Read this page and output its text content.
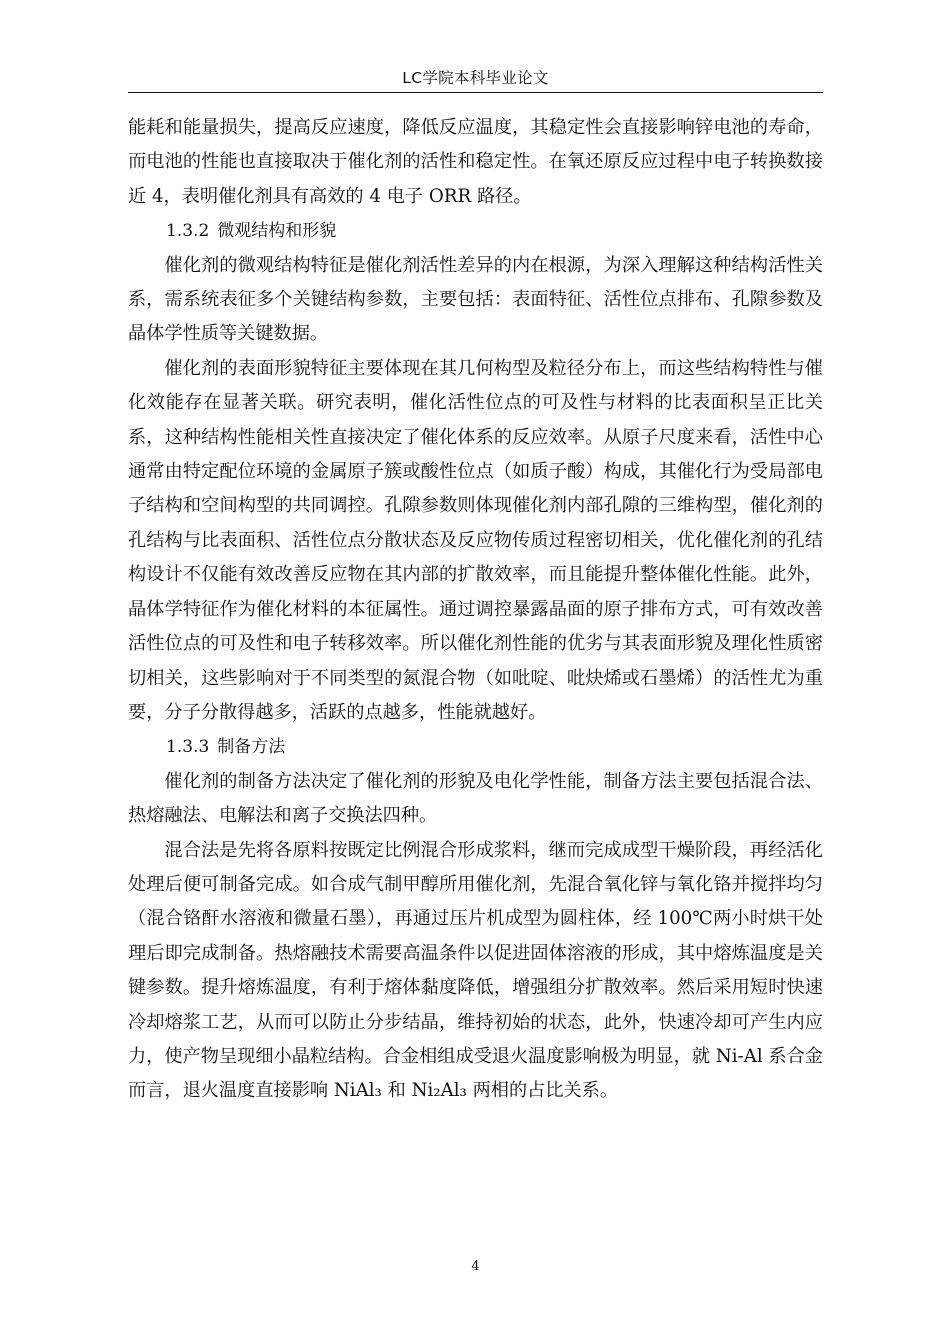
LC学院本科毕业论文

能耗和能量损失，提高反应速度，降低反应温度，其稳定性会直接影响锌电池的寿命，而电池的性能也直接取决于催化剂的活性和稳定性。在氧还原反应过程中电子转换数接近 4，表明催化剂具有高效的 4 电子 ORR 路径。

1.3.2 微观结构和形貌

催化剂的微观结构特征是催化剂活性差异的内在根源，为深入理解这种结构活性关系，需系统表征多个关键结构参数，主要包括：表面特征、活性位点排布、孔隙参数及晶体学性质等关键数据。

催化剂的表面形貌特征主要体现在其几何构型及粒径分布上，而这些结构特性与催化效能存在显著关联。研究表明，催化活性位点的可及性与材料的比表面积呈正比关系，这种结构性能相关性直接决定了催化体系的反应效率。从原子尺度来看，活性中心通常由特定配位环境的金属原子簇或酸性位点（如质子酸）构成，其催化行为受局部电子结构和空间构型的共同调控。孔隙参数则体现催化剂内部孔隙的三维构型，催化剂的孔结构与比表面积、活性位点分散状态及反应物传质过程密切相关，优化催化剂的孔结构设计不仅能有效改善反应物在其内部的扩散效率，而且能提升整体催化性能。此外，晶体学特征作为催化材料的本征属性。通过调控暴露晶面的原子排布方式，可有效改善活性位点的可及性和电子转移效率。所以催化剂性能的优劣与其表面形貌及理化性质密切相关，这些影响对于不同类型的氮混合物（如吡啶、吡炔烯或石墨烯）的活性尤为重要，分子分散得越多，活跃的点越多，性能就越好。

1.3.3 制备方法

催化剂的制备方法决定了催化剂的形貌及电化学性能，制备方法主要包括混合法、热熔融法、电解法和离子交换法四种。

混合法是先将各原料按既定比例混合形成浆料，继而完成成型干燥阶段，再经活化处理后便可制备完成。如合成气制甲醇所用催化剂，先混合氧化锌与氧化铬并搅拌均匀（混合铬酐水溶液和微量石墨），再通过压片机成型为圆柱体，经 100℃两小时烘干处理后即完成制备。热熔融技术需要高温条件以促进固体溶液的形成，其中熔炼温度是关键参数。提升熔炼温度，有利于熔体黏度降低，增强组分扩散效率。然后采用短时快速冷却熔浆工艺，从而可以防止分步结晶，维持初始的状态，此外，快速冷却可产生内应力，使产物呈现细小晶粒结构。合金相组成受退火温度影响极为明显，就 Ni-Al 系合金而言，退火温度直接影响 NiAl₃ 和 Ni₂Al₃ 两相的占比关系。

4
